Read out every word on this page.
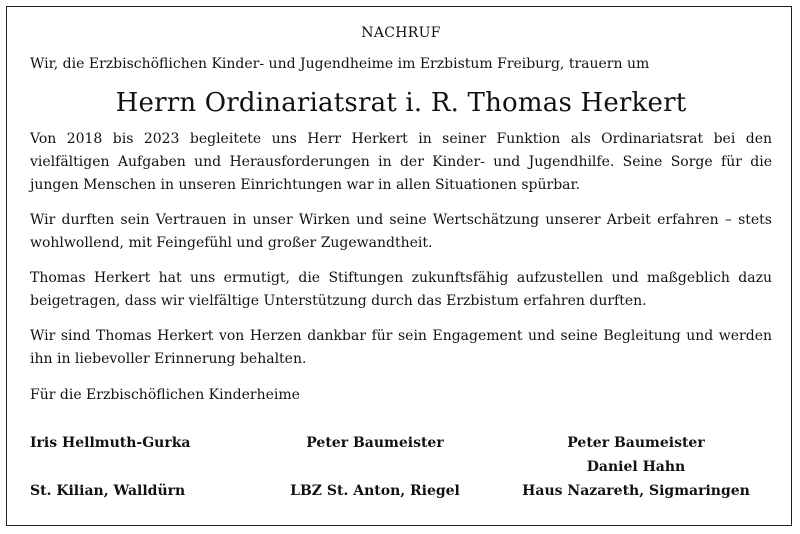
NACHRUF

Wir, die Erzbischöflichen Kinder- und Jugendheime im Erzbistum Freiburg, trauern um

Herrn Ordinariatsrat i. R. Thomas Herkert

Von 2018 bis 2023 begleitete uns Herr Herkert in seiner Funktion als Ordinariatsrat bei den vielfältigen Aufgaben und Herausforderungen in der Kinder- und Jugendhilfe. Seine Sorge für die jungen Menschen in unseren Einrichtungen war in allen Situationen spürbar.

Wir durften sein Vertrauen in unser Wirken und seine Wertschätzung unserer Arbeit erfahren – stets wohlwollend, mit Feingefühl und großer Zugewandtheit.

Thomas Herkert hat uns ermutigt, die Stiftungen zukunftsfähig aufzustellen und maßgeblich dazu beigetragen, dass wir vielfältige Unterstützung durch das Erzbistum erfahren durften.

Wir sind Thomas Herkert von Herzen dankbar für sein Engagement und seine Begleitung und werden ihn in liebevoller Erinnerung behalten.

Für die Erzbischöflichen Kinderheime

Iris Hellmuth-Gurka
St. Kilian, Walldürn
Peter Baumeister
LBZ St. Anton, Riegel
Peter Baumeister
Daniel Hahn
Haus Nazareth, Sigmaringen
